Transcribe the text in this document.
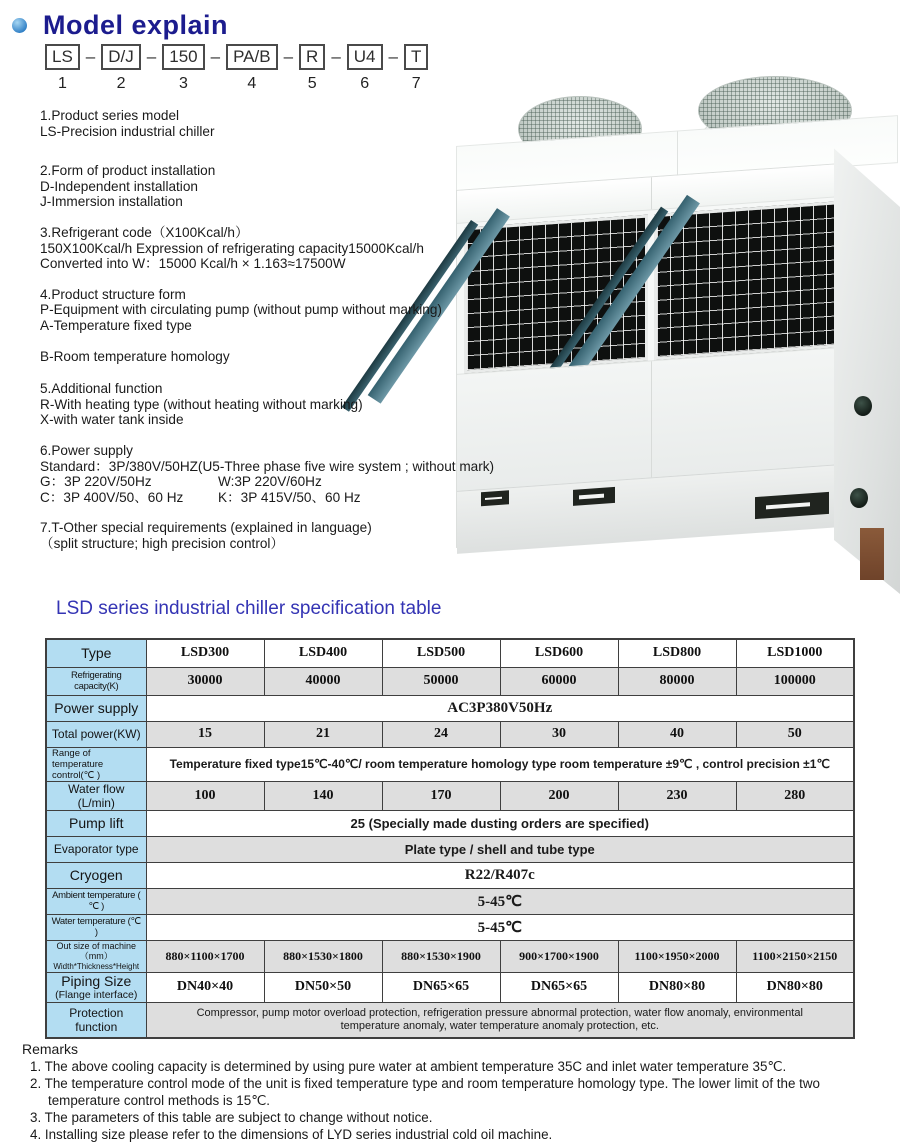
Model explain
LS
1
– D/J
2
– 150
3
– PA/B
4
– R
5
– U4
6
– T
7
1.Product series model
LS-Precision industrial chiller
2.Form of product installation
D-Independent installation
J-Immersion installation
3.Refrigerant code（X100Kcal/h）
150X100Kcal/h Expression of refrigerating capacity15000Kcal/h
Converted into W：15000 Kcal/h × 1.163≈17500W
4.Product structure form
P-Equipment with circulating pump (without pump without marking)
A-Temperature fixed type
B-Room temperature homology
5.Additional function
R-With heating type (without heating without marking)
X-with water tank inside
6.Power supply
Standard：3P/380V/50HZ(U5-Three phase five wire system ; without mark)
G：3P 220V/50Hz	W:3P 220V/60Hz
C：3P 400V/50、60 Hz	K：3P 415V/50、60 Hz
7.T-Other special requirements (explained in language)
（split structure; high precision control）
LSD series industrial chiller specification table
Type	LSD300	LSD400	LSD500	LSD600	LSD800	LSD1000
Refrigerating capacity(K)	30000	40000	50000	60000	80000	100000
Power supply	AC3P380V50Hz					
Total power(KW)	15	21	24	30	40	50

Range of
temperature control(℃ )	Temperature fixed type15℃-40℃/ room temperature homology type room temperature ±9℃ , control precision ±1℃					
Water flow (L/min)	100	140	170	200	230	280
Pump lift	25 (Specially made dusting orders are specified)					
Evaporator type	Plate type / shell and tube type					
Cryogen	R22/R407c					
Ambient temperature ( ℃ )	5-45℃					
Water temperature (℃ )	5-45℃					

Out size of machine（mm）
Width*Thickness*Height	880×1100×1700	880×1530×1800	880×1530×1900	900×1700×1900	1100×1950×2000	1100×2150×2150

Piping Size
(Flange interface)	DN40×40	DN50×50	DN65×65	DN65×65	DN80×80	DN80×80
Protection function	Compressor, pump motor overload protection, refrigeration pressure abnormal protection, water flow anomaly, environmental temperature anomaly, water temperature anomaly protection, etc.					
Remarks
1. The above cooling capacity is determined by using pure water at ambient temperature 35C and inlet water temperature 35℃.
2. The temperature control mode of the unit is fixed temperature type and room temperature homology type. The lower limit of the two temperature control methods is 15℃.
3. The parameters of this table are subject to change without notice.
4. Installing size please refer to the dimensions of LYD series industrial cold oil machine.
